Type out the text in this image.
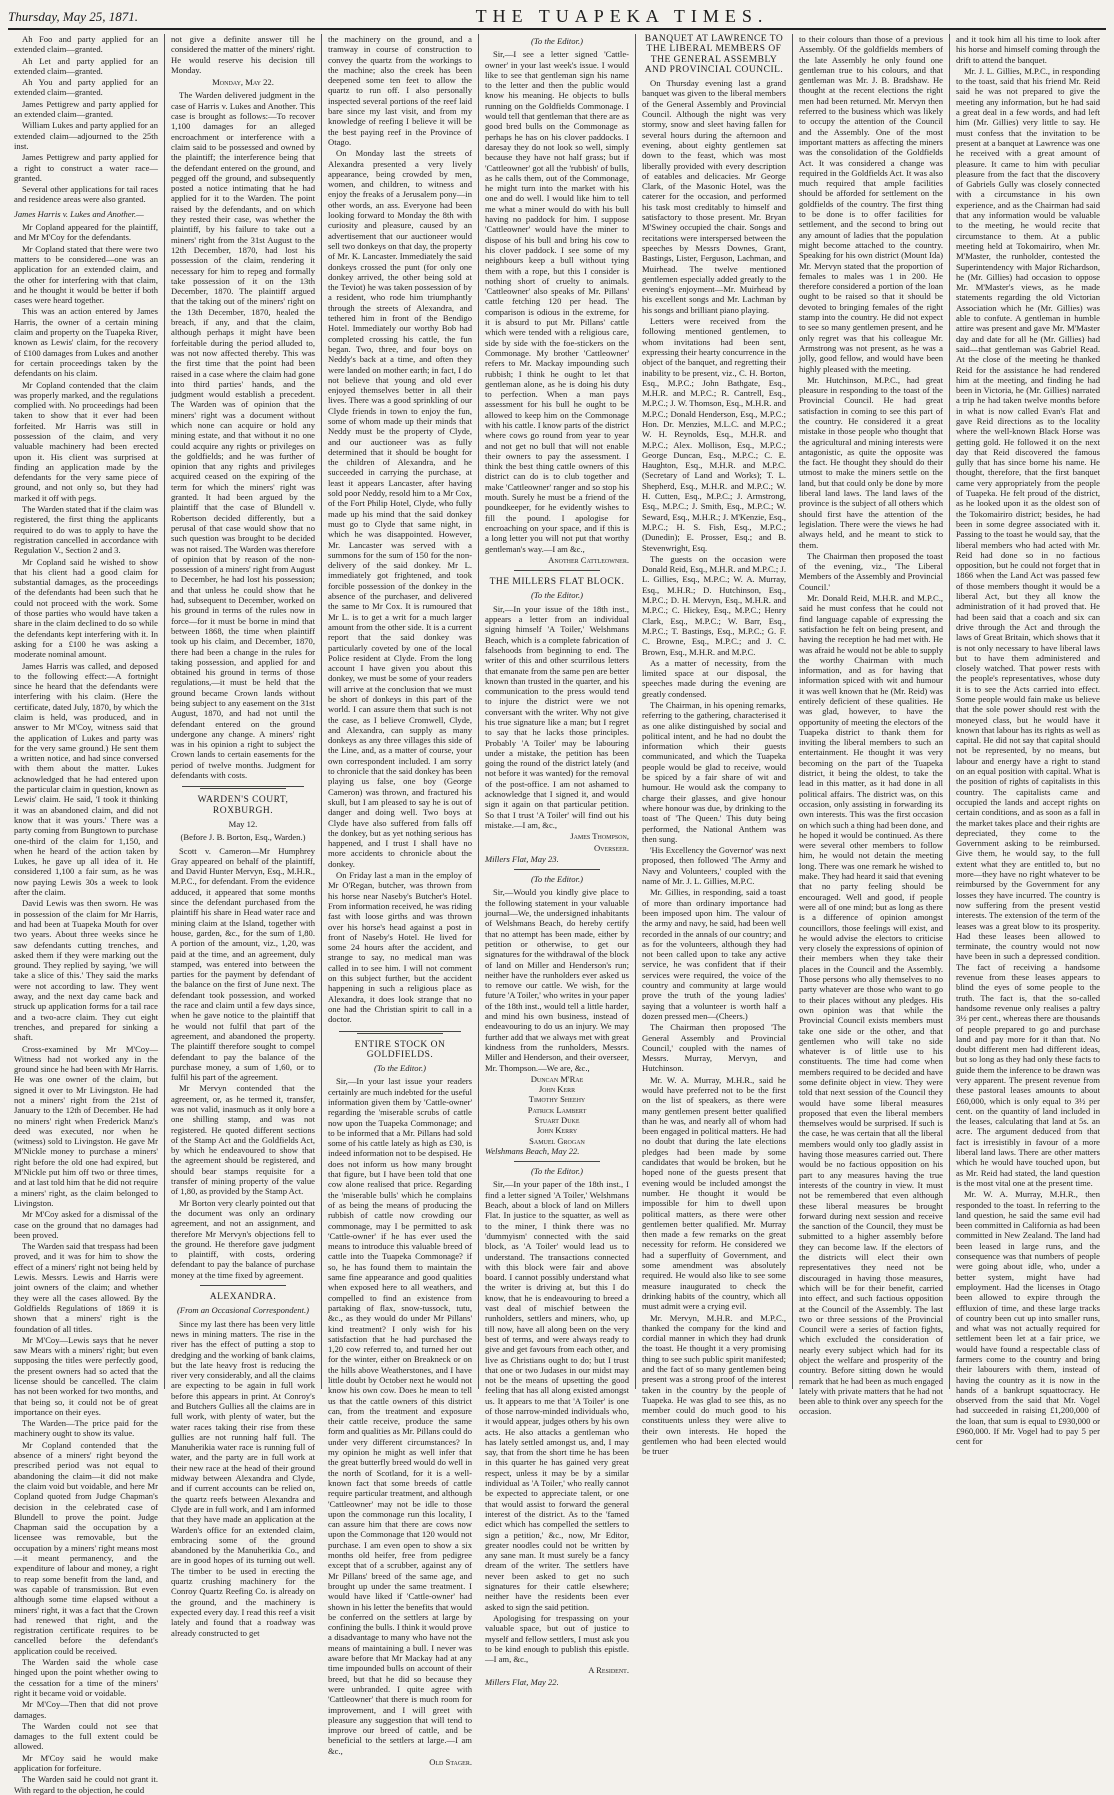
Thursday, May 25, 1871.	THE TUAPEKA TIMES.

Ah Foo and party applied for an extended claim—granted.

Ah Let and party applied for an extended claim—granted.

Ah You and party applied for an extended claim—granted.

James Pettigrew and party applied for an extended claim—granted.

William Lukes and party applied for an extended claim—adjourned to the 25th inst.

James Pettigrew and party applied for a right to construct a water race—granted.

Several other applications for tail races and residence areas were also granted.

James Harris v. Lukes and Another.—

Mr Copland appeared for the plaintiff, and Mr M'Coy for the defendants.

Mr Copland stated that there were two matters to be considered—one was an application for an extended claim, and the other for interfering with that claim, and he thought it would be better if both cases were heard together.

This was an action entered by James Harris, the owner of a certain mining claim and property on the Tuapeka River, known as Lewis' claim, for the recovery of £100 damages from Lukes and another for certain proceedings taken by the defendants on his claim.

Mr Copland contended that the claim was properly marked, and the regulations complied with. No proceedings had been taken to show that it ever had been forfeited. Mr Harris was still in possession of the claim, and very valuable machinery had been erected upon it. His client was surprised at finding an application made by the defendants for the very same piece of ground, and not only so, but they had marked it off with pegs.

The Warden stated that if the claim was registered, the first thing the applicants required to do was to apply to have the registration cancelled in accordance with Regulation V., Section 2 and 3.

Mr Copland said he wished to show that his client had a good claim for substantial damages, as the proceedings of the defendants had been such that he could not proceed with the work. Some of those parties who would have taken a share in the claim declined to do so while the defendants kept interfering with it. In asking for a £100 he was asking a moderate nominal amount.

James Harris was called, and deposed to the following effect:—A fortnight since he heard that the defendants were interfering with his claim. (Here the certificate, dated July, 1870, by which the claim is held, was produced, and in answer to Mr M'Coy, witness said that the application of Lukes and party was for the very same ground.) He sent them a written notice, and had since conversed with them about the matter. Lukes acknowledged that he had entered upon the particular claim in question, known as Lewis' claim. He said, 'I took it thinking it was an abandoned claim, and did not know that it was yours.' There was a party coming from Bungtown to purchase one-third of the claim for 1,150, and when he heard of the action taken by Lukes, he gave up all idea of it. He considered 1,100 a fair sum, as he was now paying Lewis 30s a week to look after the claim.

David Lewis was then sworn. He was in possession of the claim for Mr Harris, and had been at Tuapeka Mouth for over two years. About three weeks since he saw defendants cutting trenches, and asked them if they were marking out the ground. They replied by saying, 'we will take a slice of this.' They said the marks were not according to law. They went away, and the next day came back and struck up application forms for a tail race and a two-acre claim. They cut eight trenches, and prepared for sinking a shaft.

Cross-examined by Mr M'Coy—Witness had not worked any in the ground since he had been with Mr Harris. He was one owner of the claim, but signed it over to Mr Livingston. He had not a miners' right from the 21st of January to the 12th of December. He had no miners' right when Frederick Manz's deed was executed, nor when he (witness) sold to Livingston. He gave Mr M'Nickle money to purchase a miners' right before the old one had expired, but M'Nickle put him off two or three times, and at last told him that he did not require a miners' right, as the claim belonged to Livingston.

Mr M'Coy asked for a dismissal of the case on the ground that no damages had been proved.

The Warden said that trespass had been proved, and it was for him to show the effect of a miners' right not being held by Lewis. Messrs. Lewis and Harris were joint owners of the claim; and whether they were all the cases allowed. By the Goldfields Regulations of 1869 it is shown that a miners' right is the foundation of all titles.

Mr M'Coy—Lewis says that he never saw Mears with a miners' right; but even supposing the titles were perfectly good, the present owners had so acted that the license should be cancelled. The claim has not been worked for two months, and that being so, it could not be of great importance on their eyes.

The Warden—The price paid for the machinery ought to show its value.

Mr Copland contended that the absence of a miners' right beyond the prescribed period was not equal to abandoning the claim—it did not make the claim void but voidable, and here Mr Copland quoted from Judge Chapman's decision in the celebrated case of Blundell to prove the point. Judge Chapman said the occupation by a licensee was removable, but the occupation by a miners' right means most—it meant permanency, and the expenditure of labour and money, a right to reap some benefit from the land, and was capable of transmission. But even although some time elapsed without a miners' right, it was a fact that the Crown had renewed that right, and the registration certificate requires to be cancelled before the defendant's application could be received.

The Warden said the whole case hinged upon the point whether owing to the cessation for a time of the miners' right it became void or voidable.

Mr M'Coy—Then that did not prove damages.

The Warden could not see that damages to the full extent could be allowed.

Mr M'Coy said he would make application for forfeiture.

The Warden said he could not grant it. With regard to the objection, he could

not give a definite answer till he considered the matter of the miners' right. He would reserve his decision till Monday.

Monday, May 22.

The Warden delivered judgment in the case of Harris v. Lukes and Another. This case is brought as follows:—To recover 1,100 damages for an alleged encroachment or interference with a claim said to be possessed and owned by the plaintiff; the interference being that the defendant entered on the ground, and pegged off the ground, and subsequently posted a notice intimating that he had applied for it to the Warden. The point raised by the defendants, and on which they rested their case, was whether the plaintiff, by his failure to take out a miners' right from the 31st August to the 12th December, 1870, had lost his possession of the claim, rendering it necessary for him to repeg and formally take possession of it on the 13th December, 1870. The plaintiff argued that the taking out of the miners' right on the 13th December, 1870, healed the breach, if any, and that the claim, although perhaps it might have been forfeitable during the period alluded to, was not now affected thereby. This was the first time that the point had been raised in a case where the claim had gone into third parties' hands, and the judgment would establish a precedent. The Warden was of opinion that the miners' right was a document without which none can acquire or hold any mining estate, and that without it no one could acquire any rights or privileges on the goldfields; and he was further of opinion that any rights and privileges acquired ceased on the expiring of the term for which the miners' right was granted. It had been argued by the plaintiff that the case of Blundell v. Robertson decided differently, but a perusal of that case would show that no such question was brought to be decided was not raised. The Warden was therefore of opinion that by reason of the non-possession of a miners' right from August to December, he had lost his possession; and that unless he could show that he had, subsequent to December, worked on his ground in terms of the rules now in force—for it must be borne in mind that between 1868, the time when plaintiff took up his claim, and December, 1870, there had been a change in the rules for taking possession, and applied for and obtained his ground in terms of those regulations,—it must be held that the ground became Crown lands without being subject to any easement on the 31st August, 1870, and had not until the defendant entered on the ground undergone any change. A miners' right was in his opinion a right to subject the Crown lands to certain easements for the period of twelve months. Judgment for defendants with costs.

WARDEN'S COURT, ROXBURGH.

May 12.

(Before J. B. Borton, Esq., Warden.)

Scott v. Cameron—Mr Humphrey Gray appeared on behalf of the plaintiff, and David Hunter Mervyn, Esq., M.H.R., M.P.C., for defendant. From the evidence adduced, it appeared that some months since the defendant purchased from the plaintiff his share in Head water race and mining claim at the Island, together with house, garden, &c., for the sum of 1,80. A portion of the amount, viz., 1,20, was paid at the time, and an agreement, duly stamped, was entered into between the parties for the payment by defendant of the balance on the first of June next. The defendant took possession, and worked the race and claim until a few days since, when he gave notice to the plaintiff that he would not fulfil that part of the agreement, and abandoned the property. The plaintiff therefore sought to compel defendant to pay the balance of the purchase money, a sum of 1,60, or to fulfil his part of the agreement.

Mr Mervyn contended that the agreement, or, as he termed it, transfer, was not valid, inasmuch as it only bore a one shilling stamp, and was not registered. He quoted different sections of the Stamp Act and the Goldfields Act, by which he endeavoured to show that the agreement should be registered, and should bear stamps requisite for a transfer of mining property of the value of 1,80, as provided by the Stamp Act.

Mr Borton very clearly pointed out that the document was only an ordinary agreement, and not an assignment, and therefore Mr Mervyn's objections fell to the ground. He therefore gave judgment to plaintiff, with costs, ordering defendant to pay the balance of purchase money at the time fixed by agreement.

ALEXANDRA.

(From an Occasional Correspondent.)

Since my last there has been very little news in mining matters. The rise in the river has the effect of putting a stop to dredging and the working of bank claims, but the late heavy frost is reducing the river very considerably, and all the claims are expecting to be again in full work before this appears in print. At Conroy's and Butchers Gullies all the claims are in full work, with plenty of water, but the water races taking their rise from these gullies are not running half full. The Manuherikia water race is running full of water, and the party are in full work at their new race at the head of their ground midway between Alexandra and Clyde, and if current accounts can be relied on, the quartz reefs between Alexandra and Clyde are in full work, and I am informed that they have made an application at the Warden's office for an extended claim, embracing some of the ground abandoned by the Manuherikia Co., and are in good hopes of its turning out well. The timber to be used in erecting the quartz crushing machinery for the Conroy Quartz Reefing Co. is already on the ground, and the machinery is expected every day. I read this reef a visit lately and found that a roadway was already constructed to get

the machinery on the ground, and a tramway in course of construction to convey the quartz from the workings to the machine; also the creek has been deepened some ten feet to allow the quartz to run off. I also personally inspected several portions of the reef laid bare since my last visit, and from my knowledge of reefing I believe it will be the best paying reef in the Province of Otago.

On Monday last the streets of Alexandra presented a very lively appearance, being crowded by men, women, and children, to witness and enjoy the freaks of a Jerusalem pony—in other words, an ass. Everyone had been looking forward to Monday the 8th with curiosity and pleasure, caused by an advertisement that our auctioneer would sell two donkeys on that day, the property of Mr. K. Lancaster. Immediately the said donkeys crossed the punt (for only one donkey arrived, the other being sold at the Teviot) he was taken possession of by a resident, who rode him triumphantly through the streets of Alexandra, and tethered him in front of the Bendigo Hotel. Immediately our worthy Bob had completed crossing his cattle, the fun began. Two, three, and four boys on Neddy's back at a time, and often they were landed on mother earth; in fact, I do not believe that young and old ever enjoyed themselves better in all their lives. There was a good sprinkling of our Clyde friends in town to enjoy the fun, some of whom made up their minds that Neddy must be the property of Clyde, and our auctioneer was as fully determined that it should be bought for the children of Alexandra, and he succeeded in carrying the purchase, at least it appears Lancaster, after having sold poor Neddy, resold him to a Mr Cox, of the Fort Philip Hotel, Clyde, who fully made up his mind that the said donkey must go to Clyde that same night, in which he was disappointed. However, Mr. Lancaster was served with a summons for the sum of 150 for the non-delivery of the said donkey. Mr L. immediately got frightened, and took forcible possession of the donkey in the absence of the purchaser, and delivered the same to Mr Cox. It is rumoured that Mr L. is to get a writ for a much larger amount from the other side. It is a current report that the said donkey was particularly coveted by one of the local Police resident at Clyde. From the long account I have given you about this donkey, we must be some of your readers will arrive at the conclusion that we must be short of donkeys in this part of the world. I can assure them that such is not the case, as I believe Cromwell, Clyde, and Alexandra, can supply as many donkeys as any three villages this side of the Line, and, as a matter of course, your own correspondent included. I am sorry to chronicle that the said donkey has been playing us false, one boy (George Cameron) was thrown, and fractured his skull, but I am pleased to say he is out of danger and doing well. Two boys at Clyde have also suffered from falls off the donkey, but as yet nothing serious has happened, and I trust I shall have no more accidents to chronicle about the donkey.

On Friday last a man in the employ of Mr O'Regan, butcher, was thrown from his horse near Naseby's Butcher's Hotel. From information received, he was riding fast with loose girths and was thrown over his horse's head against a post in front of Naseby's Hotel. He lived for some 24 hours after the accident, and strange to say, no medical man was called in to see him. I will not comment on this subject further, but the accident happening in such a religious place as Alexandra, it does look strange that no one had the Christian spirit to call in a doctor.

ENTIRE STOCK ON GOLDFIELDS.

(To the Editor.)

Sir,—In your last issue your readers certainly are much indebted for the useful information given them by 'Cattle-owner' regarding the 'miserable scrubs of cattle now upon the Tuapeka Commonage; and to be informed that a Mr. Pillans had sold some of his cattle lately as high as £30, is indeed information not to be despised. He does not inform us how many brought that figure, but I have been told that one cow alone realised that price. Regarding the 'miserable bulls' which he complains of as being the means of producing the rubbish of cattle now crowding our commonage, may I be permitted to ask 'Cattle-owner' if he has ever used the means to introduce this valuable breed of cattle into the Tuapeka Commonage? if so, he has found them to maintain the same fine appearance and good qualities when exposed here to all weathers, and compelled to find an existence from partaking of flax, snow-tussock, tutu, &c., as they would do under Mr Pillans' kind treatment? I only wish for his satisfaction that he had purchased the 1,20 cow referred to, and turned her out for the winter, either on Breakneck or on the hills above Weatherstones, and I have little doubt by October next he would not know his own cow. Does he mean to tell us that the cattle owners of this district can, from the treatment and exposure their cattle receive, produce the same form and qualities as Mr. Pillans could do under very different circumstances? In my opinion he might as well infer that the great butterfly breed would do well in the north of Scotland, for it is a well-known fact that some breeds of cattle require particular treatment, and although 'Cattleowner' may not be idle to those upon the commonage run this locality, I can assure him that there are cows now upon the Commonage that 120 would not purchase. I am even open to show a six months old heifer, free from pedigree except that of a scrubber, against any of Mr Pillans' breed of the same age, and brought up under the same treatment. I would have liked if 'Cattle-owner' had shown in his letter the benefits that would be conferred on the settlers at large by confining the bulls. I think it would prove a disadvantage to many who have not the means of maintaining a bull. I never was aware before that Mr Mackay had at any time impounded bulls on account of their breed, but that he did so because they were unbranded. I quite agree with 'Cattleowner' that there is much room for improvement, and I will greet with pleasure any suggestion that will tend to improve our breed of cattle, and be beneficial to the settlers at large.—I am &c.,

Old Stager.

(To the Editor.)

Sir,—I see a letter signed 'Cattle-owner' in your last week's issue. I would like to see that gentleman sign his name to the letter and then the public would know his meaning. He objects to bulls running on the Goldfields Commonage. I would tell that gentleman that there are as good bred bulls on the Commonage as perhaps he has on his clover paddocks. I daresay they do not look so well, simply because they have not half grass; but if 'Cattleowner' got all the 'rubbish' of bulls, as he calls them, out of the Commonage, he might turn into the market with his one and do well. I would like him to tell me what a miner would do with his bull having no paddock for him. I suppose 'Cattleowner' would have the miner to dispose of his bull and bring his cow to his clover paddock. I see some of my neighbours keep a bull without tying them with a rope, but this I consider is nothing short of cruelty to animals. 'Cattleowner' also speaks of Mr. Pillans' cattle fetching 120 per head. The comparison is odious in the extreme, for it is absurd to put Mr. Pillans' cattle which were tended with a religious care, side by side with the foe-stickers on the Commonage. My brother 'Cattleowner' refers to Mr. Mackay impounding such rubbish; I think he ought to let that gentleman alone, as he is doing his duty to perfection. When a man pays assessment for his bull he ought to be allowed to keep him on the Commonage with his cattle. I know parts of the district where cows go round from year to year and not get no bull that will not enable their owners to pay the assessment. I think the best thing cattle owners of this district can do is to club together and make 'Cattleowner' ranger and so stop his mouth. Surely he must be a friend of the poundkeeper, for he evidently wishes to fill the pound. I apologise for encroaching on your space, and if this is a long letter you will not put that worthy gentleman's way.—I am &c.,

Another Cattleowner.

THE MILLERS FLAT BLOCK.

(To the Editor.)

Sir,—In your issue of the 18th inst., appears a letter from an individual signing himself 'A Toiler,' Welshmans Beach, which is a complete fabrication of falsehoods from beginning to end. The writer of this and other scurrilous letters that emanate from the same pen are better known than trusted in the quarter, and his communication to the press would tend to injure the district were we not conversant with the writer. Why not give his true signature like a man; but I regret to say that he lacks those principles. Probably 'A Toiler' may be labouring under a mistake, the petition has been going the round of the district lately (and not before it was wanted) for the removal of the post-office. I am not ashamed to acknowledge that I signed it, and would sign it again on that particular petition. So that I trust 'A Toiler' will find out his mistake.—I am, &c.,

James Thompson,

Overseer.

Millers Flat, May 23.

(To the Editor.)

Sir,—Would you kindly give place to the following statement in your valuable journal—We, the undersigned inhabitants of Welshmans Beach, do hereby certify that no attempt has been made, either by petition or otherwise, to get our signatures for the withdrawal of the block of land on Miller and Henderson's run; neither have the runholders ever asked us to remove our cattle. We wish, for the future 'A Toiler,' who writes in your paper of the 18th inst., would tell a little harder, and mind his own business, instead of endeavouring to do us an injury. We may further add that we always met with great kindness from the runholders, Messrs. Miller and Henderson, and their overseer, Mr. Thompson.—We are, &c.,

Duncan M'Rae

John Kerr

Timothy Sheehy

Patrick Lambert

Stuart Duke

John Kerry

Samuel Grogan

Welshmans Beach, May 22.

(To the Editor.)

Sir,—In your paper of the 18th inst., I find a letter signed 'A Toiler,' Welshmans Beach, about a block of land on Millers Flat. In justice to the squatter, as well as to the miner, I think there was no 'dummyism' connected with the said block, as 'A Toiler' would lead us to understand. The transactions connected with this block were fair and above board. I cannot possibly understand what the writer is driving at, but this I do know, that he is endeavouring to breed a vast deal of mischief between the runholders, settlers and miners, who, up till now, have all along been on the very best of terms, and were always ready to give and get favours from each other, and live as Christians ought to do; but I trust that one or two Judases in our midst may not be the means of upsetting the good feeling that has all along existed amongst us. It appears to me that 'A Toiler' is one of those narrow-minded individuals who, it would appear, judges others by his own acts. He also attacks a gentleman who has lately settled amongst us, and, I may say, that from the short time he has been in this quarter he has gained very great respect, unless it may be by a similar individual as 'A Toiler,' who really cannot be expected to appreciate talent, or one that would assist to forward the general interest of the district. As to the 'famed edict which has compelled the settlers to sign a petition,' &c., now, Mr Editor, greater noodles could not be written by any sane man. It must surely be a fancy dream of the writer. The settlers have never been asked to get no such signatures for their cattle elsewhere; neither have the residents been ever asked to sign the said petition.

Apologising for trespassing on your valuable space, but out of justice to myself and fellow settlers, I must ask you to be kind enough to publish this epistle.—I am, &c.,

A Resident.

Millers Flat, May 22.

BANQUET AT LAWRENCE TO THE LIBERAL MEMBERS OF THE GENERAL ASSEMBLY AND PROVINCIAL COUNCIL.

On Thursday evening last a grand banquet was given to the liberal members of the General Assembly and Provincial Council. Although the night was very stormy, snow and sleet having fallen for several hours during the afternoon and evening, about eighty gentlemen sat down to the feast, which was most liberally provided with every description of eatables and delicacies. Mr George Clark, of the Masonic Hotel, was the caterer for the occasion, and performed his task most creditably to himself and satisfactory to those present. Mr. Bryan M'Swiney occupied the chair. Songs and recitations were interspersed between the speeches by Messrs Downes, Grant, Bastings, Lister, Ferguson, Lachman, and Muirhead. The twelve mentioned gentlemen especially added greatly to the evening's enjoyment—Mr. Muirhead by his excellent songs and Mr. Lachman by his songs and brilliant piano playing.

Letters were received from the following mentioned gentlemen, to whom invitations had been sent, expressing their hearty concurrence in the object of the banquet, and regretting their inability to be present, viz., C. H. Borton, Esq., M.P.C.; John Bathgate, Esq., M.H.R. and M.P.C.; R. Cantrell, Esq., M.P.C.; J. W. Thomson, Esq., M.H.R. and M.P.C.; Donald Henderson, Esq., M.P.C.; Hon. Dr. Menzies, M.L.C. and M.P.C.; W. H. Reynolds, Esq., M.H.R. and M.P.C.; Alex. Mollison, Esq., M.P.C.; George Duncan, Esq., M.P.C.; C. E. Haughton, Esq., M.H.R. and M.P.C. (Secretary of Land and Works); T. L. Shepherd, Esq., M.H.R. and M.P.C.; W. H. Cutten, Esq., M.P.C.; J. Armstrong, Esq., M.P.C.; J. Smith, Esq., M.P.C.; W. Seward, Esq., M.H.R.; J. M'Kenzie, Esq., M.P.C.; H. S. Fish, Esq., M.P.C.; (Dunedin); E. Prosser, Esq.; and B. Stevenwright, Esq.

The guests on the occasion were Donald Reid, Esq., M.H.R. and M.P.C.; J. L. Gillies, Esq., M.P.C.; W. A. Murray, Esq., M.H.R.; D. Hutchinson, Esq., M.P.C.; D. H. Mervyn, Esq., M.H.R. and M.P.C.; C. Hickey, Esq., M.P.C.; Henry Clark, Esq., M.P.C.; W. Barr, Esq., M.P.C.; T. Bastings, Esq., M.P.C.; G. F. C. Browne, Esq., M.P.C.; and J. C. Brown, Esq., M.H.R. and M.P.C.

As a matter of necessity, from the limited space at our disposal, the speeches made during the evening are greatly condensed.

The Chairman, in his opening remarks, referring to the gathering, characterised it as one alike distinguished by social and political intent, and he had no doubt the information which their guests communicated, and which the Tuapeka people would be glad to receive, would be spiced by a fair share of wit and humour. He would ask the company to charge their glasses, and give honour where honour was due, by drinking to the toast of 'The Queen.' This duty being performed, the National Anthem was then sung.

'His Excellency the Governor' was next proposed, then followed 'The Army and Navy and Volunteers,' coupled with the name of Mr. J. L. Gillies, M.P.C.

Mr. Gillies, in responding, said a toast of more than ordinary importance had been imposed upon him. The valour of the army and navy, he said, had been well recorded in the annals of our country; and as for the volunteers, although they had not been called upon to take any active service, he was confident that if their services were required, the voice of the country and community at large would prove the truth of the young ladies' saying that a volunteer is worth half a dozen pressed men—(Cheers.)

The Chairman then proposed 'The General Assembly and Provincial Council,' coupled with the names of Messrs. Murray, Mervyn, and Hutchinson.

Mr. W. A. Murray, M.H.R., said he would have preferred not to be the first on the list of speakers, as there were many gentlemen present better qualified than he was, and nearly all of whom had been engaged in political matters. He had no doubt that during the late elections pledges had been made by some candidates that would be broken, but he hoped none of the guests present that evening would be included amongst the number. He thought it would be impossible for him to dwell upon political matters, as there were other gentlemen better qualified. Mr. Murray then made a few remarks on the great necessity for reform. He considered we had a superfluity of Government, and some amendment was absolutely required. He would also like to see some measure inaugurated to check the drinking habits of the country, which all must admit were a crying evil.

Mr. Mervyn, M.H.R. and M.P.C., thanked the company for the kind and cordial manner in which they had drunk the toast. He thought it a very promising thing to see such public spirit manifested; and the fact of so many gentlemen being present was a strong proof of the interest taken in the country by the people of Tuapeka. He was glad to see this, as no member could do much good to his constituents unless they were alive to their own interests. He hoped the gentlemen who had been elected would be truer

to their colours than those of a previous Assembly. Of the goldfields members of the late Assembly he only found one gentleman true to his colours, and that gentleman was Mr. J. B. Bradshaw. He thought at the recent elections the right men had been returned. Mr. Mervyn then referred to the business which was likely to occupy the attention of the Council and the Assembly. One of the most important matters as affecting the miners was the consolidation of the Goldfields Act. It was considered a change was required in the Goldfields Act. It was also much required that ample facilities should be afforded for settlement on the goldfields of the country. The first thing to be done is to offer facilities for settlement, and the second to bring out any amount of ladies that the population might become attached to the country. Speaking for his own district (Mount Ida) Mr. Mervyn stated that the proportion of females to males was 1 in 200. He therefore considered a portion of the loan ought to be raised so that it should be devoted to bringing females of the right stamp into the country. He did not expect to see so many gentlemen present, and he only regret was that his colleague Mr. Armstrong was not present, as he was a jolly, good fellow, and would have been highly pleased with the meeting.

Mr. Hutchinson, M.P.C., had great pleasure in responding to the toast of the Provincial Council. He had great satisfaction in coming to see this part of the country. He considered it a great mistake in those people who thought that the agricultural and mining interests were antagonistic, as quite the opposite was the fact. He thought they should do their utmost to make the miners settle on the land, but that could only be done by more liberal land laws. The land laws of the province is the subject of all others which should first have the attention of the legislation. There were the views he had always held, and he meant to stick to them.

The Chairman then proposed the toast of the evening, viz., 'The Liberal Members of the Assembly and Provincial Council.'

Mr. Donald Reid, M.H.R. and M.P.C., said he must confess that he could not find language capable of expressing the satisfaction he felt on being present, and having the reception he had met with. He was afraid he would not be able to supply the worthy Chairman with much information, and as for having that information spiced with wit and humour it was well known that he (Mr. Reid) was entirely deficient of these qualities. He was glad, however, to have the opportunity of meeting the electors of the Tuapeka district to thank them for inviting the liberal members to such an entertainment. He thought it was very becoming on the part of the Tuapeka district, it being the oldest, to take the lead in this matter, as it had done in all political affairs. The district was, on this occasion, only assisting in forwarding its own interests. This was the first occasion on which such a thing had been done, and he hoped it would be continued. As there were several other members to follow him, he would not detain the meeting long. There was one remark he wished to make. They had heard it said that evening that no party feeling should be encouraged. Well and good, if people were all of one mind; but as long as there is a difference of opinion amongst councillors, those feelings will exist, and he would advise the electors to criticise very closely the expressions of opinion of their members when they take their places in the Council and the Assembly. Those persons who ally themselves to no party whatever are those who want to go to their places without any pledges. His own opinion was that while the Provincial Council exists members must take one side or the other, and that gentlemen who will take no side whatever is of little use to his constituents. The time had come when members required to be decided and have some definite object in view. They were told that next session of the Council they would have some liberal measures proposed that even the liberal members themselves would be surprised. If such is the case, he was certain that all the liberal members would only too gladly assist in having those measures carried out. There would be no factious opposition on his part to any measures having the true interests of the country in view. It must not be remembered that even although these liberal measures be brought forward during next session and receive the sanction of the Council, they must be submitted to a higher assembly before they can become law. If the electors of the districts will elect their own representatives they need not be discouraged in having those measures, which will be for their benefit, carried into effect, and such factious opposition at the Council of the Assembly. The last two or three sessions of the Provincial Council were a series of faction fights, which excluded the consideration of nearly every subject which had for its object the welfare and prosperity of the country. Before sitting down he would remark that he had been as much engaged lately with private matters that he had not been able to think over any speech for the occasion.

and it took him all his time to look after his horse and himself coming through the drift to attend the banquet.

Mr. J. L. Gillies, M.P.C., in responding to the toast, said that his friend Mr. Reid said he was not prepared to give the meeting any information, but he had said a great deal in a few words, and had left him (Mr. Gillies) very little to say. He must confess that the invitation to be present at a banquet at Lawrence was one he received with a great amount of pleasure. It came to him with peculiar pleasure from the fact that the discovery of Gabriels Gully was closely connected with a circumstance in his own experience, and as the Chairman had said that any information would be valuable to the meeting, he would recite that circumstance to them. At a public meeting held at Tokomairiro, when Mr. M'Master, the runholder, contested the Superintendency with Major Richardson, he (Mr. Gillies) had occasion to oppose Mr. M'Master's views, as he made statements regarding the old Victorian Association which he (Mr. Gillies) was able to confute. A gentleman in humble attire was present and gave Mr. M'Master day and date for all he (Mr. Gillies) had said—that gentleman was Gabriel Read. At the close of the meeting he thanked Reid for the assistance he had rendered him at the meeting, and finding he had been in Victoria, he (Mr. Gillies) narrated a trip he had taken twelve months before in what is now called Evan's Flat and gave Reid directions as to the locality where the well-known Black Horse was getting gold. He followed it on the next day that Reid discovered the famous gully that has since borne his name. He thought, therefore, that the first banquet came very appropriately from the people of Tuapeka. He felt proud of the district, as he looked upon it as the oldest son of the Tokomairiro district; besides, he had been in some degree associated with it. Passing to the toast he would say, that the liberal members who had acted with Mr. Reid had done so in no factious opposition, but he could not forget that in 1866 when the Land Act was passed few of those members thought it would be a liberal Act, but they all know the administration of it had proved that. He had been said that a coach and six can drive through the Act and through the laws of Great Britain, which shows that it is not only necessary to have liberal laws but to have them administered and closely watched. That power rests with the people's representatives, whose duty it is to see the Acts carried into effect. Some people would fain make us believe that the sole power should rest with the moneyed class, but he would have it known that labour has its rights as well as capital. He did not say that capital should not be represented, by no means, but labour and energy have a right to stand on an equal position with capital. What is the position of rights of capitalists in this country. The capitalists came and occupied the lands and accept rights on certain conditions, and as soon as a fall in the market takes place and their rights are depreciated, they come to the Government asking to be reimbursed. Give them, he would say, to the full extent what they are entitled to, but no more—they have no right whatever to be reimbursed by the Government for any losses they have incurred. The country is now suffering from the present vestid interests. The extension of the term of the leases was a great blow to its prosperity. Had these leases been allowed to terminate, the country would not now have been in such a depressed condition. The fact of receiving a handsome revenue from these leases appears to blind the eyes of some people to the truth. The fact is, that the so-called handsome revenue only realises a paltry 3½ per cent., whereas there are thousands of people prepared to go and purchase land and pay more for it than that. No doubt different men had different ideas, but so long as they had only these facts to guide them the inference to be drawn was very apparent. The present revenue from these pastoral leases amounts to about £60,000, which is only equal to 3½ per cent. on the quantity of land included in the leases, calculating that land at 5s. an acre. The argument deduced from that fact is irresistibly in favour of a more liberal land laws. There are other matters which he would have touched upon, but as Mr. Reid had stated, the land question is the most vital one at the present time.

Mr. W. A. Murray, M.H.R., then responded to the toast. In referring to the land question, he said the same evil had been committed in California as had been committed in New Zealand. The land had been leased in large runs, and the consequence was that numbers of people were going about idle, who, under a better system, might have had employment. Had the licenses in Otago been allowed to expire through the effluxion of time, and these large tracks of country been cut up into smaller runs, and what was not actually required for settlement been let at a fair price, we would have found a respectable class of farmers come to the country and bring their labourers with them, instead of having the country as it is now in the hands of a bankrupt squattocracy. He observed from the said that Mr. Vogel had succeeded in raising £1,200,000 of the loan, that sum is equal to £930,000 or £960,000. If Mr. Vogel had to pay 5 per cent for
